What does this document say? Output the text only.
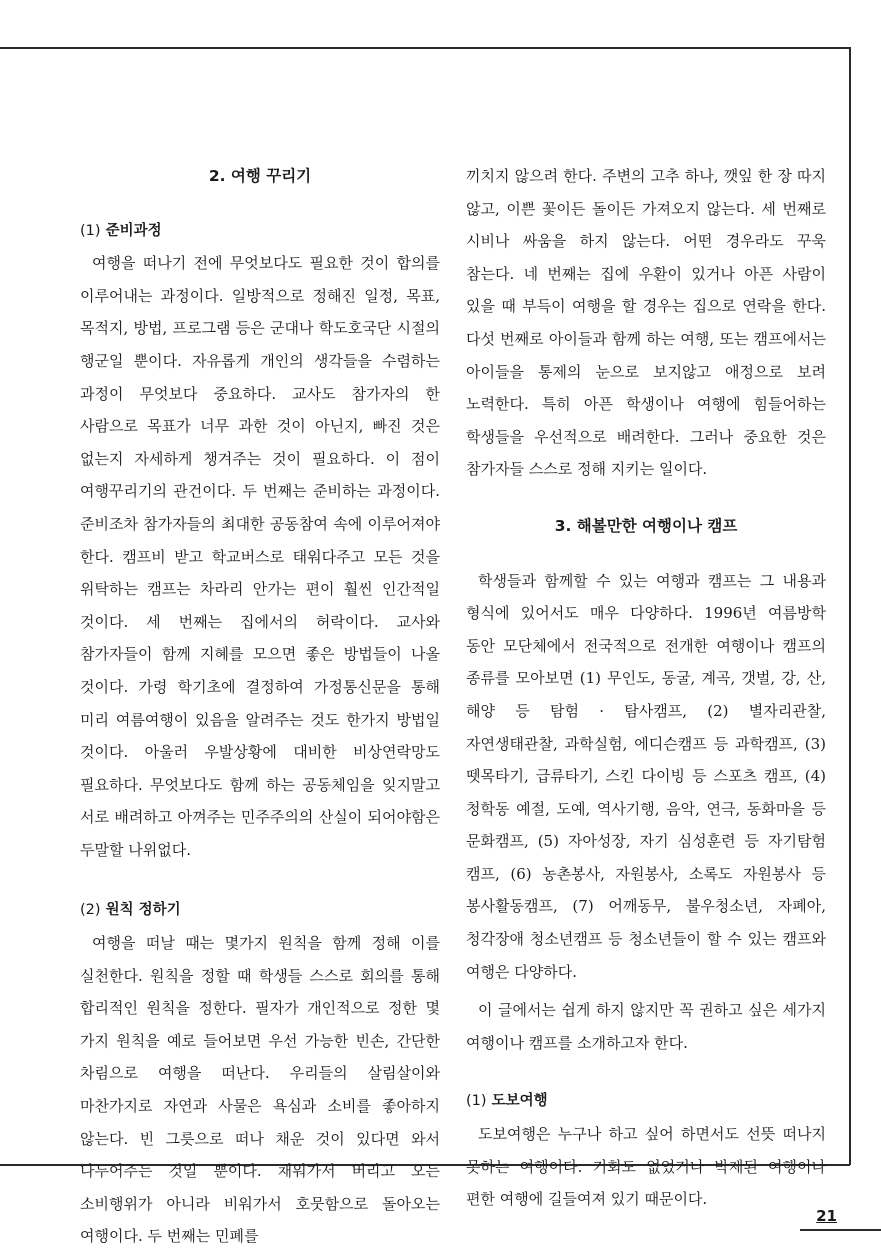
2. 여행 꾸리기
(1) 준비과정

여행을 떠나기 전에 무엇보다도 필요한 것이 합의를 이루어내는 과정이다. 일방적으로 정해진 일정, 목표, 목적지, 방법, 프로그램 등은 군대나 학도호국단 시절의 행군일 뿐이다. 자유롭게 개인의 생각들을 수렴하는 과정이 무엇보다 중요하다. 교사도 참가자의 한 사람으로 목표가 너무 과한 것이 아닌지, 빠진 것은 없는지 자세하게 챙겨주는 것이 필요하다. 이 점이 여행꾸리기의 관건이다. 두 번째는 준비하는 과정이다. 준비조차 참가자들의 최대한 공동참여 속에 이루어져야 한다. 캠프비 받고 학교버스로 태워다주고 모든 것을 위탁하는 캠프는 차라리 안가는 편이 훨씬 인간적일 것이다. 세 번째는 집에서의 허락이다. 교사와 참가자들이 함께 지혜를 모으면 좋은 방법들이 나올 것이다. 가령 학기초에 결정하여 가정통신문을 통해 미리 여름여행이 있음을 알려주는 것도 한가지 방법일 것이다. 아울러 우발상황에 대비한 비상연락망도 필요하다. 무엇보다도 함께 하는 공동체임을 잊지말고 서로 배려하고 아껴주는 민주주의의 산실이 되어야함은 두말할 나위없다.

(2) 원칙 정하기

여행을 떠날 때는 몇가지 원칙을 함께 정해 이를 실천한다. 원칙을 정할 때 학생들 스스로 회의를 통해 합리적인 원칙을 정한다. 필자가 개인적으로 정한 몇 가지 원칙을 예로 들어보면 우선 가능한 빈손, 간단한 차림으로 여행을 떠난다. 우리들의 살림살이와 마찬가지로 자연과 사물은 욕심과 소비를 좋아하지 않는다. 빈 그릇으로 떠나 채운 것이 있다면 와서 나누어주는 것일 뿐이다. 채워가서 버리고 오는 소비행위가 아니라 비워가서 호뭇함으로 돌아오는 여행이다. 두 번째는 민폐를

끼치지 않으려 한다. 주변의 고추 하나, 깻잎 한 장 따지 않고, 이쁜 꽃이든 돌이든 가져오지 않는다. 세 번째로 시비나 싸움을 하지 않는다. 어떤 경우라도 꾸욱 참는다. 네 번째는 집에 우환이 있거나 아픈 사람이 있을 때 부득이 여행을 할 경우는 집으로 연락을 한다. 다섯 번째로 아이들과 함께 하는 여행, 또는 캠프에서는 아이들을 통제의 눈으로 보지않고 애정으로 보려 노력한다. 특히 아픈 학생이나 여행에 힘들어하는 학생들을 우선적으로 배려한다. 그러나 중요한 것은 참가자들 스스로 정해 지키는 일이다.

3. 해볼만한 여행이나 캠프

학생들과 함께할 수 있는 여행과 캠프는 그 내용과 형식에 있어서도 매우 다양하다. 1996년 여름방학 동안 모단체에서 전국적으로 전개한 여행이나 캠프의 종류를 모아보면 (1) 무인도, 동굴, 계곡, 갯벌, 강, 산, 해양 등 탐험 · 탐사캠프, (2) 별자리관찰, 자연생태관찰, 과학실험, 에디슨캠프 등 과학캠프, (3) 뗏목타기, 급류타기, 스킨 다이빙 등 스포츠 캠프, (4) 청학동 예절, 도예, 역사기행, 음악, 연극, 동화마을 등 문화캠프, (5) 자아성장, 자기 심성훈련 등 자기탐험 캠프, (6) 농촌봉사, 자원봉사, 소록도 자원봉사 등 봉사활동캠프, (7) 어깨동무, 불우청소년, 자폐아, 청각장애 청소년캠프 등 청소년들이 할 수 있는 캠프와 여행은 다양하다.

이 글에서는 쉽게 하지 않지만 꼭 권하고 싶은 세가지 여행이나 캠프를 소개하고자 한다.

(1) 도보여행

도보여행은 누구나 하고 싶어 하면서도 선뜻 떠나지 못하는 여행이다. 기회도 없었거나 박제된 여행이나 편한 여행에 길들여져 있기 때문이다.

21
